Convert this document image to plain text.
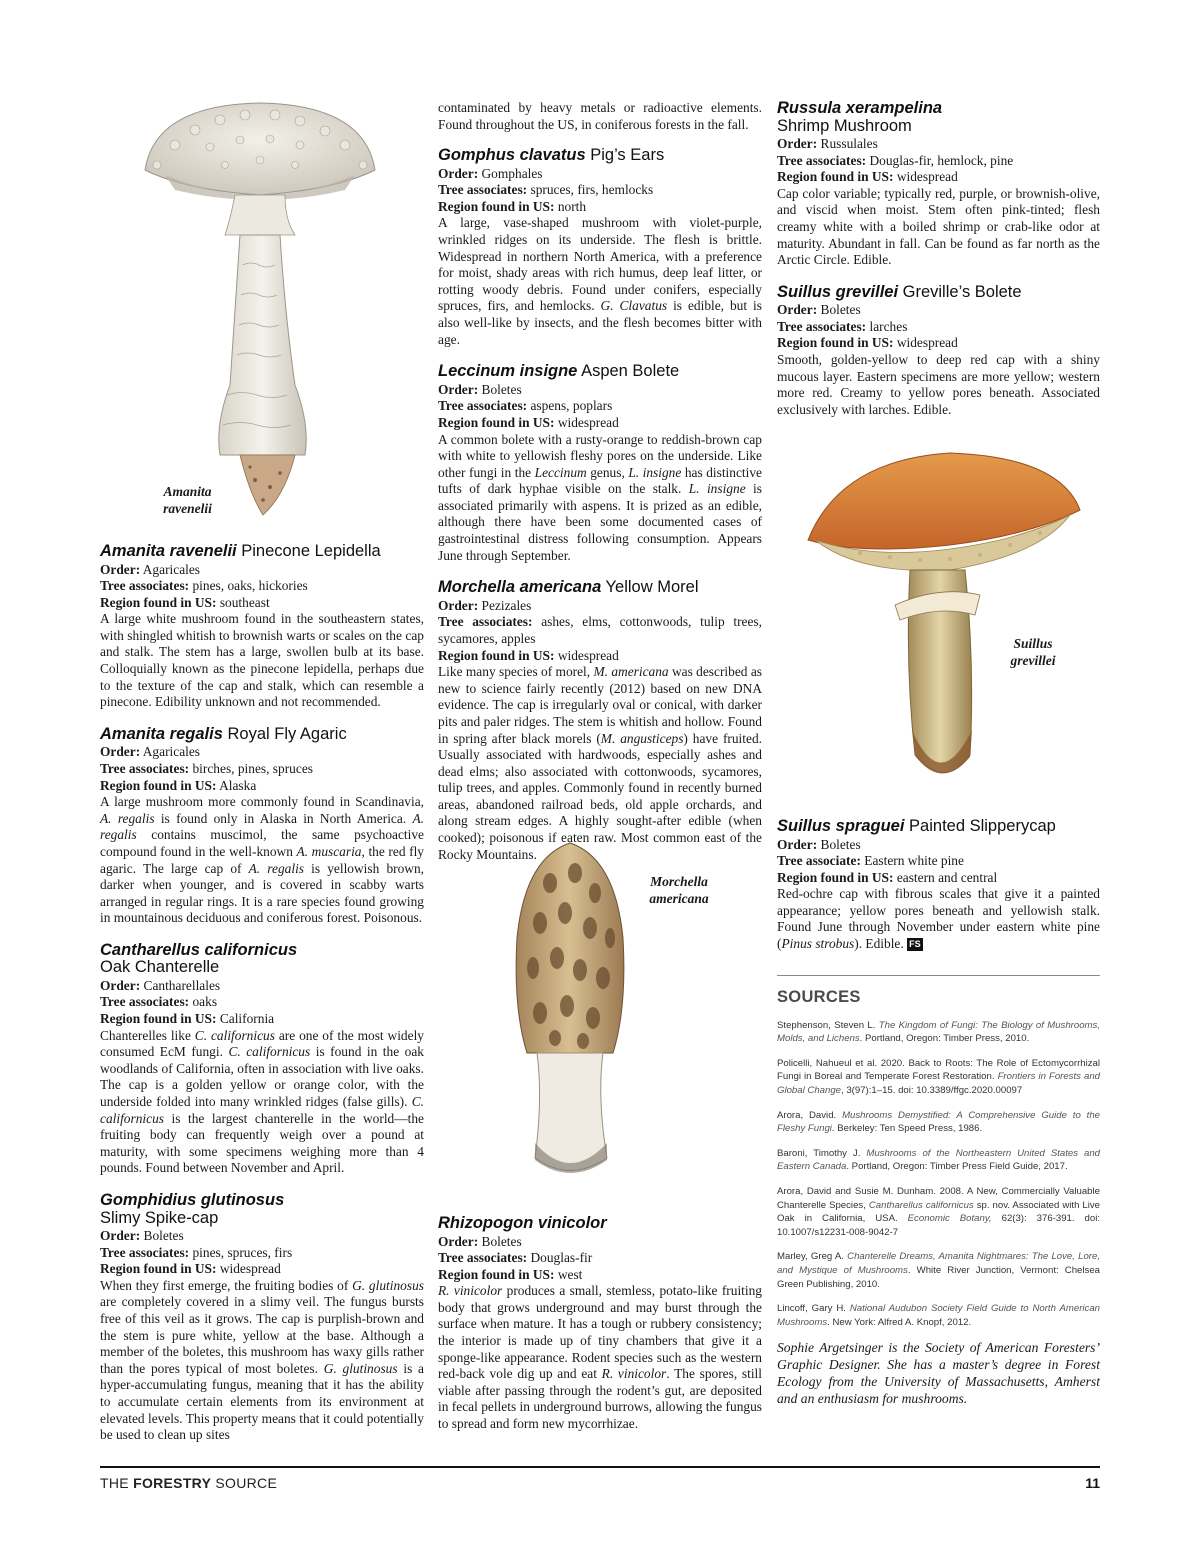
Amanita ravenelii
Morchella americana
Suillus grevillei
Amanita ravenelii Pinecone Lepidella
Order: Agaricales
Tree associates: pines, oaks, hickories
Region found in US: southeast
A large white mushroom found in the southeastern states, with shingled whitish to brownish warts or scales on the cap and stalk. The stem has a large, swollen bulb at its base. Colloquially known as the pinecone lepidella, perhaps due to the texture of the cap and stalk, which can resemble a pinecone. Edibility unknown and not recommended.
Amanita regalis Royal Fly Agaric
Order: Agaricales
Tree associates: birches, pines, spruces
Region found in US: Alaska
A large mushroom more commonly found in Scandinavia, A. regalis is found only in Alaska in North America. A. regalis contains muscimol, the same psychoactive compound found in the well-known A. muscaria, the red fly agaric. The large cap of A. regalis is yellowish brown, darker when younger, and is covered in scabby warts arranged in regular rings. It is a rare species found growing in mountainous deciduous and coniferous forest. Poisonous.
Cantharellus californicus
Oak Chanterelle
Order: Cantharellales
Tree associates: oaks
Region found in US: California
Chanterelles like C. californicus are one of the most widely consumed EcM fungi. C. californicus is found in the oak woodlands of California, often in association with live oaks. The cap is a golden yellow or orange color, with the underside folded into many wrinkled ridges (false gills). C. californicus is the largest chanterelle in the world—the fruiting body can frequently weigh over a pound at maturity, with some specimens weighing more than 4 pounds. Found between November and April.
Gomphidius glutinosus
Slimy Spike-cap
Order: Boletes
Tree associates: pines, spruces, firs
Region found in US: widespread
When they first emerge, the fruiting bodies of G. glutinosus are completely covered in a slimy veil. The fungus bursts free of this veil as it grows. The cap is purplish-brown and the stem is pure white, yellow at the base. Although a member of the boletes, this mushroom has waxy gills rather than the pores typical of most boletes. G. glutinosus is a hyper-accumulating fungus, meaning that it has the ability to accumulate certain elements from its environment at elevated levels. This property means that it could potentially be used to clean up sites
contaminated by heavy metals or radioactive elements. Found throughout the US, in coniferous forests in the fall.
Gomphus clavatus Pig’s Ears
Order: Gomphales
Tree associates: spruces, firs, hemlocks
Region found in US: north
A large, vase-shaped mushroom with violet-purple, wrinkled ridges on its underside. The flesh is brittle. Widespread in northern North America, with a preference for moist, shady areas with rich humus, deep leaf litter, or rotting woody debris. Found under conifers, especially spruces, firs, and hemlocks. G. Clavatus is edible, but is also well-like by insects, and the flesh becomes bitter with age.
Leccinum insigne Aspen Bolete
Order: Boletes
Tree associates: aspens, poplars
Region found in US: widespread
A common bolete with a rusty-orange to reddish-brown cap with white to yellowish fleshy pores on the underside. Like other fungi in the Leccinum genus, L. insigne has distinctive tufts of dark hyphae visible on the stalk. L. insigne is associated primarily with aspens. It is prized as an edible, although there have been some documented cases of gastrointestinal distress following consumption. Appears June through September.
Morchella americana Yellow Morel
Order: Pezizales
Tree associates: ashes, elms, cottonwoods, tulip trees, sycamores, apples
Region found in US: widespread
Like many species of morel, M. americana was described as new to science fairly recently (2012) based on new DNA evidence. The cap is irregularly oval or conical, with darker pits and paler ridges. The stem is whitish and hollow. Found in spring after black morels (M. angusticeps) have fruited. Usually associated with hardwoods, especially ashes and dead elms; also associated with cottonwoods, sycamores, tulip trees, and apples. Commonly found in recently burned areas, abandoned railroad beds, old apple orchards, and along stream edges. A highly sought-after edible (when cooked); poisonous if eaten raw. Most common east of the Rocky Mountains.
Rhizopogon vinicolor
Order: Boletes
Tree associates: Douglas-fir
Region found in US: west
R. vinicolor produces a small, stemless, potato-like fruiting body that grows underground and may burst through the surface when mature. It has a tough or rubbery consistency; the interior is made up of tiny chambers that give it a sponge-like appearance. Rodent species such as the western red-back vole dig up and eat R. vinicolor. The spores, still viable after passing through the rodent’s gut, are deposited in fecal pellets in underground burrows, allowing the fungus to spread and form new mycorrhizae.
Russula xerampelina
Shrimp Mushroom
Order: Russulales
Tree associates: Douglas-fir, hemlock, pine
Region found in US: widespread
Cap color variable; typically red, purple, or brownish-olive, and viscid when moist. Stem often pink-tinted; flesh creamy white with a boiled shrimp or crab-like odor at maturity. Abundant in fall. Can be found as far north as the Arctic Circle. Edible.
Suillus grevillei Greville’s Bolete
Order: Boletes
Tree associates: larches
Region found in US: widespread
Smooth, golden-yellow to deep red cap with a shiny mucous layer. Eastern specimens are more yellow; western more red. Creamy to yellow pores beneath. Associated exclusively with larches. Edible.
Suillus spraguei Painted Slipperycap
Order: Boletes
Tree associate: Eastern white pine
Region found in US: eastern and central
Red-ochre cap with fibrous scales that give it a painted appearance; yellow pores beneath and yellowish stalk. Found June through November under eastern white pine (Pinus strobus). Edible. FS
SOURCES
Stephenson, Steven L. The Kingdom of Fungi: The Biology of Mushrooms, Molds, and Lichens. Portland, Oregon: Timber Press, 2010.
Policelli, Nahueul et al. 2020. Back to Roots: The Role of Ectomycorrhizal Fungi in Boreal and Temperate Forest Restoration. Frontiers in Forests and Global Change, 3(97):1–15. doi: 10.3389/ffgc.2020.00097
Arora, David. Mushrooms Demystified: A Comprehensive Guide to the Fleshy Fungi. Berkeley: Ten Speed Press, 1986.
Baroni, Timothy J. Mushrooms of the Northeastern United States and Eastern Canada. Portland, Oregon: Timber Press Field Guide, 2017.
Arora, David and Susie M. Dunham. 2008. A New, Commercially Valuable Chanterelle Species, Cantharellus californicus sp. nov. Associated with Live Oak in California, USA. Economic Botany, 62(3): 376-391. doi: 10.1007/s12231-008-9042-7
Marley, Greg A. Chanterelle Dreams, Amanita Nightmares: The Love, Lore, and Mystique of Mushrooms. White River Junction, Vermont: Chelsea Green Publishing, 2010.
Lincoff, Gary H. National Audubon Society Field Guide to North American Mushrooms. New York: Alfred A. Knopf, 2012.
Sophie Argetsinger is the Society of American Foresters’ Graphic Designer. She has a master’s degree in Forest Ecology from the University of Massachusetts, Amherst and an enthusiasm for mushrooms.
THE FORESTRY SOURCE	11
